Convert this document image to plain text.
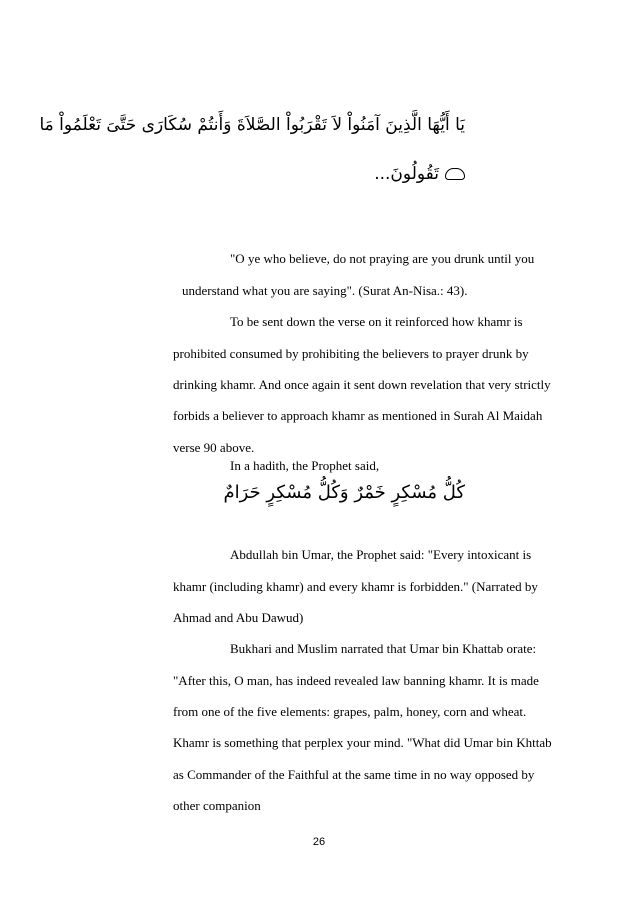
يَا أَيُّهَا الَّذِينَ آمَنُواْ لاَ تَقْرَبُواْ الصَّلاَةَ وَأَنتُمْ سُكَارَى حَتَّىَ تَعْلَمُواْ مَا
تَقُولُونَ...
"O ye who believe, do not praying are you drunk until you
understand what you are saying". (Surat An-Nisa.: 43).
To be sent down the verse on it reinforced how khamr is
prohibited consumed by prohibiting the believers to prayer drunk by
drinking khamr. And once again it sent down revelation that very strictly
forbids a believer to approach khamr as mentioned in Surah Al Maidah
verse 90 above.
In a hadith, the Prophet said,
كُلُّ مُسْكِرٍ خَمْرٌ وَكُلُّ مُسْكِرٍ حَرَامٌ
Abdullah bin Umar, the Prophet said: "Every intoxicant is
khamr (including khamr) and every khamr is forbidden." (Narrated by
Ahmad and Abu Dawud)
Bukhari and Muslim narrated that Umar bin Khattab orate:
"After this, O man, has indeed revealed law banning khamr. It is made
from one of the five elements: grapes, palm, honey, corn and wheat.
Khamr is something that perplex your mind. "What did Umar bin Khttab
as Commander of the Faithful at the same time in no way opposed by
other companion
26
